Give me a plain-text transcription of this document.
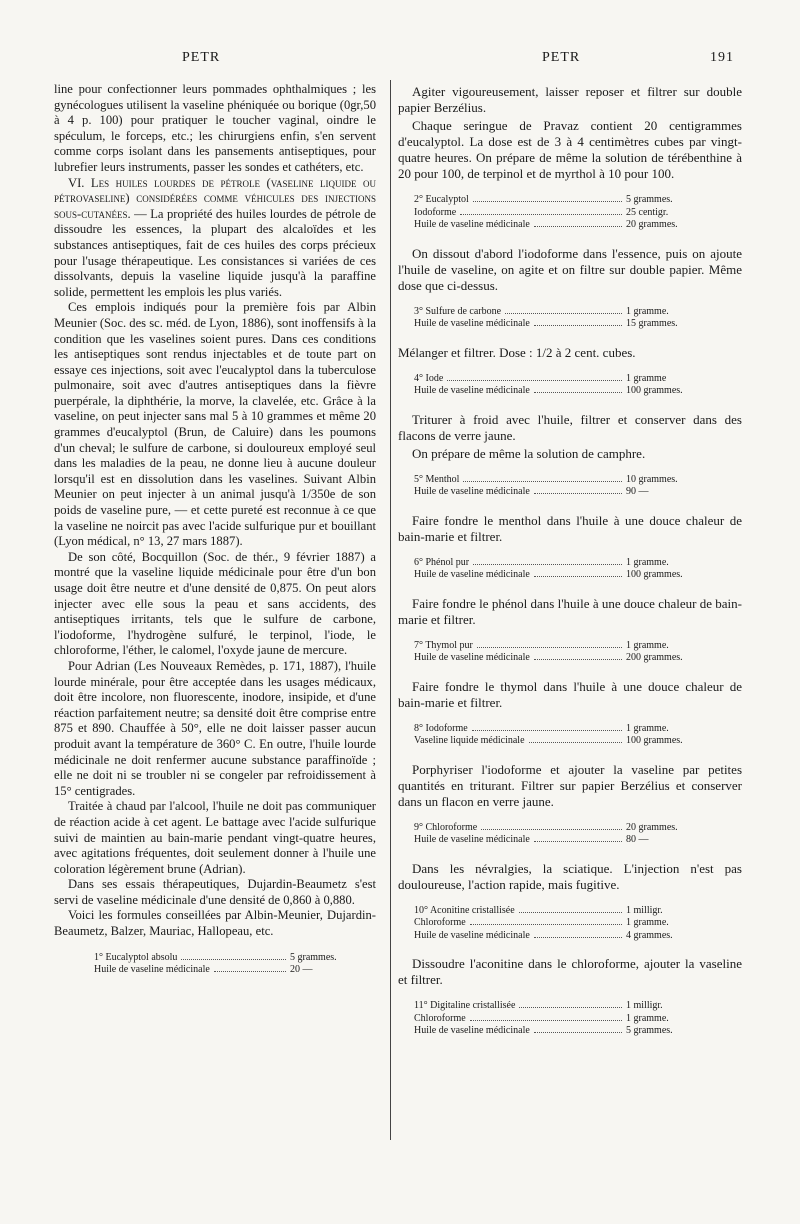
PETR	PETR	191

line pour confectionner leurs pommades ophthalmiques ; les gynécologues utilisent la vaseline phéniquée ou borique (0gr,50 à 4 p. 100) pour pratiquer le toucher vaginal, oindre le spéculum, le forceps, etc.; les chirurgiens enfin, s'en servent comme corps isolant dans les pansements antiseptiques, pour lubrefier leurs instruments, passer les sondes et cathéters, etc.

VI. Les huiles lourdes de pétrole (vaseline liquide ou pétrovaseline) considérées comme véhicules des injections sous-cutanées. — La propriété des huiles lourdes de pétrole de dissoudre les essences, la plupart des alcaloïdes et les substances antiseptiques, fait de ces huiles des corps précieux pour l'usage thérapeutique. Les consistances si variées de ces dissolvants, depuis la vaseline liquide jusqu'à la paraffine solide, permettent les emplois les plus variés.

Ces emplois indiqués pour la première fois par Albin Meunier (Soc. des sc. méd. de Lyon, 1886), sont inoffensifs à la condition que les vaselines soient pures. Dans ces conditions les antiseptiques sont rendus injectables et de toute part on essaye ces injections, soit avec l'eucalyptol dans la tuberculose pulmonaire, soit avec d'autres antiseptiques dans la fièvre puerpérale, la diphthérie, la morve, la clavelée, etc. Grâce à la vaseline, on peut injecter sans mal 5 à 10 grammes et même 20 grammes d'eucalyptol (Brun, de Caluire) dans les poumons d'un cheval; le sulfure de carbone, si douloureux employé seul dans les maladies de la peau, ne donne lieu à aucune douleur lorsqu'il est en dissolution dans les vaselines. Suivant Albin Meunier on peut injecter à un animal jusqu'à 1/350e de son poids de vaseline pure, — et cette pureté est reconnue à ce que la vaseline ne noircit pas avec l'acide sulfurique pur et bouillant (Lyon médical, n° 13, 27 mars 1887).

De son côté, Bocquillon (Soc. de thér., 9 février 1887) a montré que la vaseline liquide médicinale pour être d'un bon usage doit être neutre et d'une densité de 0,875. On peut alors injecter avec elle sous la peau et sans accidents, des antiseptiques irritants, tels que le sulfure de carbone, l'iodoforme, l'hydrogène sulfuré, le terpinol, l'iode, le chloroforme, l'éther, le calomel, l'oxyde jaune de mercure.

Pour Adrian (Les Nouveaux Remèdes, p. 171, 1887), l'huile lourde minérale, pour être acceptée dans les usages médicaux, doit être incolore, non fluorescente, inodore, insipide, et d'une réaction parfaitement neutre; sa densité doit être comprise entre 875 et 890. Chauffée à 50°, elle ne doit laisser passer aucun produit avant la température de 360° C. En outre, l'huile lourde médicinale ne doit renfermer aucune substance paraffinoïde ; elle ne doit ni se troubler ni se congeler par refroidissement à 15° centigrades.

Traitée à chaud par l'alcool, l'huile ne doit pas communiquer de réaction acide à cet agent. Le battage avec l'acide sulfurique suivi de maintien au bain-marie pendant vingt-quatre heures, avec agitations fréquentes, doit seulement donner à l'huile une coloration légèrement brune (Adrian).

Dans ses essais thérapeutiques, Dujardin-Beaumetz s'est servi de vaseline médicinale d'une densité de 0,860 à 0,880.

Voici les formules conseillées par Albin-Meunier, Dujardin-Beaumetz, Balzer, Mauriac, Hallopeau, etc.

1° Eucalyptol absolu	5 grammes.
Huile de vaseline médicinale	20 —

Agiter vigoureusement, laisser reposer et filtrer sur double papier Berzélius.

Chaque seringue de Pravaz contient 20 centigrammes d'eucalyptol. La dose est de 3 à 4 centimètres cubes par vingt-quatre heures. On prépare de même la solution de térébenthine à 20 pour 100, de terpinol et de myrthol à 10 pour 100.

2° Eucalyptol	5 grammes.
Iodoforme	25 centigr.
Huile de vaseline médicinale	20 grammes.

On dissout d'abord l'iodoforme dans l'essence, puis on ajoute l'huile de vaseline, on agite et on filtre sur double papier. Même dose que ci-dessus.

3° Sulfure de carbone	1 gramme.
Huile de vaseline médicinale	15 grammes.

Mélanger et filtrer. Dose : 1/2 à 2 cent. cubes.

4° Iode	1 gramme
Huile de vaseline médicinale	100 grammes.

Triturer à froid avec l'huile, filtrer et conserver dans des flacons de verre jaune.

On prépare de même la solution de camphre.

5° Menthol	10 grammes.
Huile de vaseline médicinale	90 —

Faire fondre le menthol dans l'huile à une douce chaleur de bain-marie et filtrer.

6° Phénol pur	1 gramme.
Huile de vaseline médicinale	100 grammes.

Faire fondre le phénol dans l'huile à une douce chaleur de bain-marie et filtrer.

7° Thymol pur	1 gramme.
Huile de vaseline médicinale	200 grammes.

Faire fondre le thymol dans l'huile à une douce chaleur de bain-marie et filtrer.

8° Iodoforme	1 gramme.
Vaseline liquide médicinale	100 grammes.

Porphyriser l'iodoforme et ajouter la vaseline par petites quantités en triturant. Filtrer sur papier Berzélius et conserver dans un flacon en verre jaune.

9° Chloroforme	20 grammes.
Huile de vaseline médicinale	80 —

Dans les névralgies, la sciatique. L'injection n'est pas douloureuse, l'action rapide, mais fugitive.

10° Aconitine cristallisée	1 milligr.
Chloroforme	1 gramme.
Huile de vaseline médicinale	4 grammes.

Dissoudre l'aconitine dans le chloroforme, ajouter la vaseline et filtrer.

11° Digitaline cristallisée	1 milligr.
Chloroforme	1 gramme.
Huile de vaseline médicinale	5 grammes.
